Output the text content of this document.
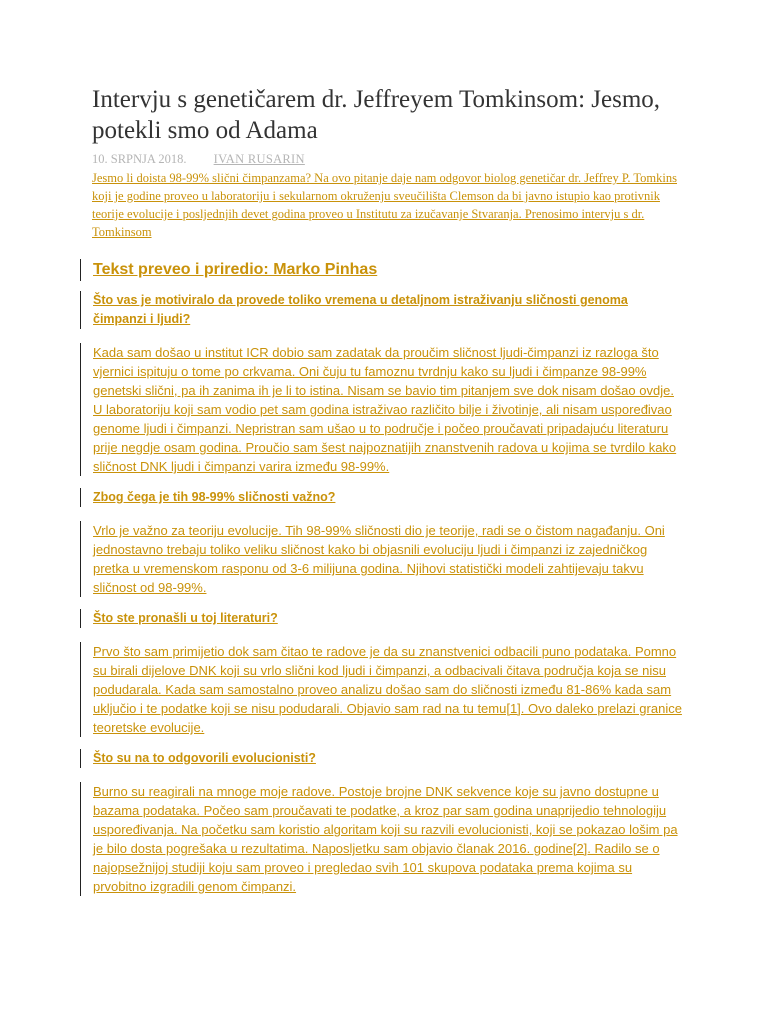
Intervju s genetičarem dr. Jeffreyem Tomkinsom: Jesmo, potekli smo od Adama
10. SRPNJA 2018. IVAN RUSARIN

Jesmo li doista 98-99% slični čimpanzama? Na ovo pitanje daje nam odgovor biolog genetičar dr. Jeffrey P. Tomkins koji je godine proveo u laboratoriju i sekularnom okruženju sveučilišta Clemson da bi javno istupio kao protivnik teorije evolucije i posljednjih devet godina proveo u Institutu za izučavanje Stvaranja. Prenosimo intervju s dr. Tomkinsom

Tekst preveo i priredio: Marko Pinhas
Što vas je motiviralo da provede toliko vremena u detaljnom istraživanju sličnosti genoma čimpanzi i ljudi?
Kada sam došao u institut ICR dobio sam zadatak da proučim sličnost ljudi-čimpanzi iz razloga što vjernici ispituju o tome po crkvama. Oni čuju tu famoznu tvrdnju kako su ljudi i čimpanze 98-99% genetski slični, pa ih zanima ih je li to istina. Nisam se bavio tim pitanjem sve dok nisam došao ovdje. U laboratoriju koji sam vodio pet sam godina istraživao različito bilje i životinje, ali nisam uspoređivao genome ljudi i čimpanzi. Nepristran sam ušao u to područje i počeo proučavati pripadajuću literaturu prije negdje osam godina. Proučio sam šest najpoznatijih znanstvenih radova u kojima se tvrdilo kako sličnost DNK ljudi i čimpanzi varira između 98-99%.
Zbog čega je tih 98-99% sličnosti važno?
Vrlo je važno za teoriju evolucije. Tih 98-99% sličnosti dio je teorije, radi se o čistom nagađanju. Oni jednostavno trebaju toliko veliku sličnost kako bi objasnili evoluciju ljudi i čimpanzi iz zajedničkog pretka u vremenskom rasponu od 3-6 milijuna godina. Njihovi statistički modeli zahtijevaju takvu sličnost od 98-99%.
Što ste pronašli u toj literaturi?
Prvo što sam primijetio dok sam čitao te radove je da su znanstvenici odbacili puno podataka. Pomno su birali dijelove DNK koji su vrlo slični kod ljudi i čimpanzi, a odbacivali čitava područja koja se nisu podudarala. Kada sam samostalno proveo analizu došao sam do sličnosti između 81-86% kada sam uključio i te podatke koji se nisu podudarali. Objavio sam rad na tu temu[1]. Ovo daleko prelazi granice teoretske evolucije.
Što su na to odgovorili evolucionisti?
Burno su reagirali na mnoge moje radove. Postoje brojne DNK sekvence koje su javno dostupne u bazama podataka. Počeo sam proučavati te podatke, a kroz par sam godina unaprijedio tehnologiju uspoređivanja. Na početku sam koristio algoritam koji su razvili evolucionisti, koji se pokazao lošim pa je bilo dosta pogrešaka u rezultatima. Naposljetku sam objavio članak 2016. godine[2]. Radilo se o najopsežnijoj studiji koju sam proveo i pregledao svih 101 skupova podataka prema kojima su prvobitno izgradili genom čimpanzi.
